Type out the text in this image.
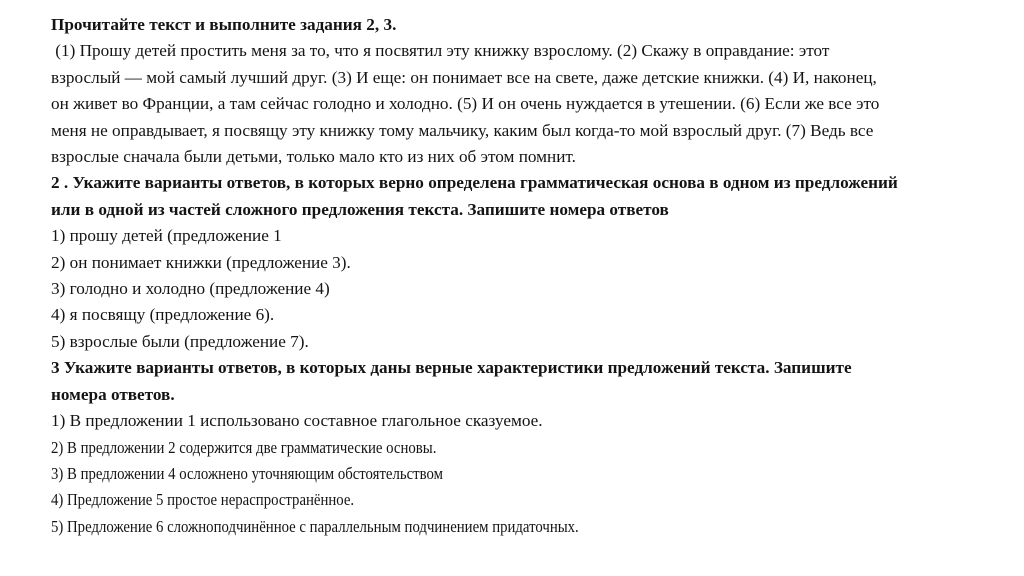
Прочитайте текст и выполните задания 2, 3.
(1) Прошу детей простить меня за то, что я посвятил эту книжку взрослому. (2) Скажу в оправдание: этот
взрослый — мой самый лучший друг. (3) И еще: он понимает все на свете, даже детские книжки. (4) И, наконец,
он живет во Франции, а там сейчас голодно и холодно. (5) И он очень нуждается в утешении. (6) Если же все это
меня не оправдывает, я посвящу эту книжку тому мальчику, каким был когда-то мой взрослый друг. (7) Ведь все
взрослые сначала были детьми, только мало кто из них об этом помнит.
2 . Укажите варианты ответов, в которых верно определена грамматическая основа в одном из предложений
или в одной из частей сложного предложения текста. Запишите номера ответов
1) прошу детей (предложение 1
2) он понимает книжки (предложение 3).
3) голодно и холодно (предложение 4)
4) я посвящу (предложение 6).
5) взрослые были (предложение 7).
3 Укажите варианты ответов, в которых даны верные характеристики предложений текста. Запишите
номера ответов.
1) В предложении 1 использовано составное глагольное сказуемое.
2) В предложении 2 содержится две грамматические основы.
3) В предложении 4 осложнено уточняющим обстоятельством
4) Предложение 5 простое нераспространённое.
5) Предложение 6 сложноподчинённое с параллельным подчинением придаточных.
